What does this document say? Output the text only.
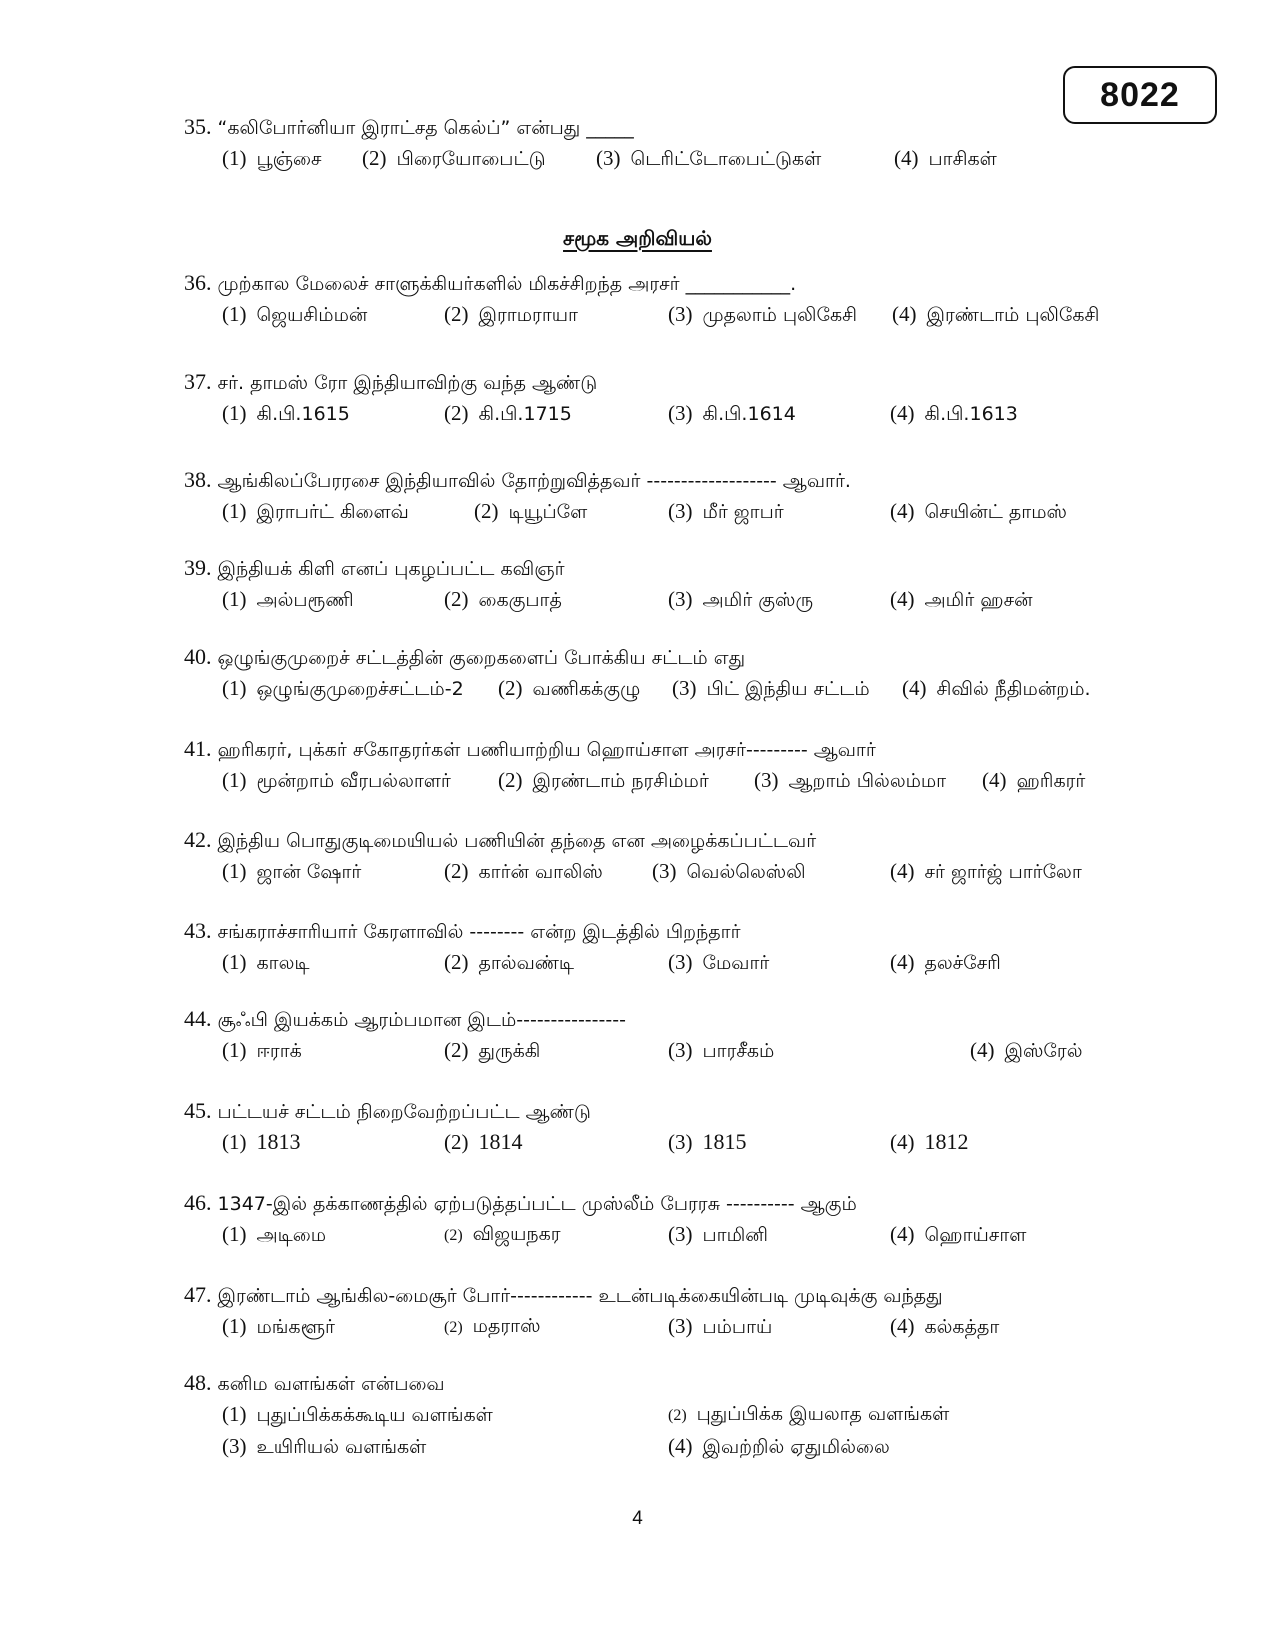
8022
35. “கலிபோர்னியா இராட்சத கெல்ப்” என்பது _____
(1) பூஞ்சை (2) பிரையோபைட்டு (3) டெரிட்டோபைட்டுகள்	(4) பாசிகள்
சமூக அறிவியல்
36. முற்கால மேலைச் சாளுக்கியர்களில் மிகச்சிறந்த அரசர் ___________.
(1) ஜெயசிம்மன்	(2) இராமராயா	(3) முதலாம் புலிகேசி (4) இரண்டாம் புலிகேசி
37. சர். தாமஸ் ரோ இந்தியாவிற்கு வந்த ஆண்டு
(1) கி.பி.1615	(2) கி.பி.1715	(3) கி.பி.1614	(4) கி.பி.1613
38. ஆங்கிலப்பேரரசை இந்தியாவில் தோற்றுவித்தவர் ------------------- ஆவார்.
(1) இராபர்ட் கிளைவ்	(2) டியூப்ளே	(3) மீர் ஜாபர்	(4) செயின்ட் தாமஸ்
39. இந்தியக் கிளி எனப் புகழப்பட்ட கவிஞர்
(1) அல்பரூணி	(2) கைகுபாத்	(3) அமிர் குஸ்ரு	(4) அமிர் ஹசன்
40. ஒழுங்குமுறைச் சட்டத்தின் குறைகளைப் போக்கிய சட்டம் எது
(1) ஒழுங்குமுறைச்சட்டம்-2 (2) வணிகக்குழு (3) பிட் இந்திய சட்டம் (4) சிவில் நீதிமன்றம்.
41. ஹரிகரர், புக்கர் சகோதரர்கள் பணியாற்றிய ஹொய்சாள அரசர்--------- ஆவார்
(1) மூன்றாம் வீரபல்லாளர் (2) இரண்டாம் நரசிம்மர் (3) ஆறாம் பில்லம்மா (4) ஹரிகரர்
42. இந்திய பொதுகுடிமையியல் பணியின் தந்தை என அழைக்கப்பட்டவர்
(1) ஜான் ஷோர்	(2) கார்ன் வாலிஸ் (3) வெல்லெஸ்லி	(4) சர் ஜார்ஜ் பார்லோ
43. சங்கராச்சாரியார் கேரளாவில் -------- என்ற இடத்தில் பிறந்தார்
(1) காலடி	(2) தால்வண்டி	(3) மேவார்	(4) தலச்சேரி
44. சூஃபி இயக்கம் ஆரம்பமான இடம்----------------
(1) ஈராக்	(2) துருக்கி	(3) பாரசீகம்	(4) இஸ்ரேல்
45. பட்டயச் சட்டம் நிறைவேற்றப்பட்ட ஆண்டு
(1) 1813	(2) 1814	(3) 1815	(4) 1812
46. 1347-இல் தக்காணத்தில் ஏற்படுத்தப்பட்ட முஸ்லீம் பேரரசு ---------- ஆகும்
(1) அடிமை	(2) விஜயநகர	(3) பாமினி	(4) ஹொய்சாள
47. இரண்டாம் ஆங்கில-மைசூர் போர்------------ உடன்படிக்கையின்படி முடிவுக்கு வந்தது
(1) மங்களூர்	(2) மதராஸ்	(3) பம்பாய்	(4) கல்கத்தா
48. கனிம வளங்கள் என்பவை
(1) புதுப்பிக்கக்கூடிய வளங்கள்	(2) புதுப்பிக்க இயலாத வளங்கள்
(3) உயிரியல் வளங்கள்	(4) இவற்றில் ஏதுமில்லை
4
